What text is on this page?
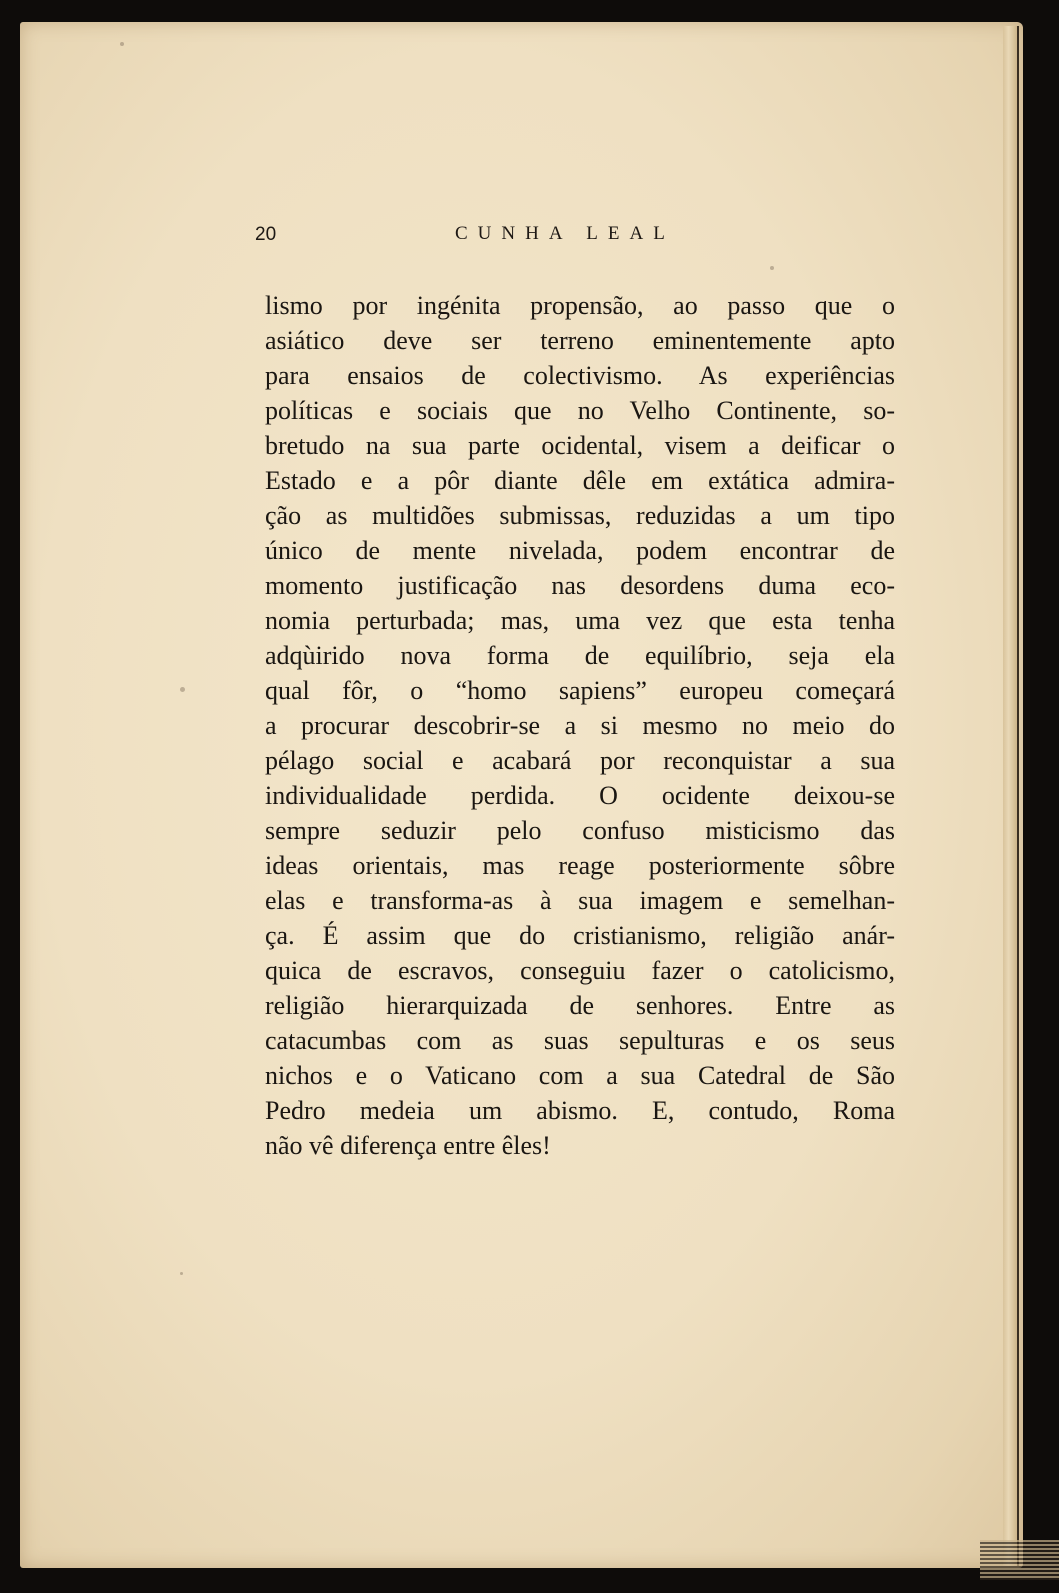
20	CUNHA LEAL
lismo por ingénita propensão, ao passo que o
asiático deve ser terreno eminentemente apto
para ensaios de colectivismo. As experiências
políticas e sociais que no Velho Continente, so-
bretudo na sua parte ocidental, visem a deificar o
Estado e a pôr diante dêle em extática admira-
ção as multidões submissas, reduzidas a um tipo
único de mente nivelada, podem encontrar de
momento justificação nas desordens duma eco-
nomia perturbada; mas, uma vez que esta tenha
adqùirido nova forma de equilíbrio, seja ela
qual fôr, o “homo sapiens” europeu começará
a procurar descobrir-se a si mesmo no meio do
pélago social e acabará por reconquistar a sua
individualidade perdida. O ocidente deixou-se
sempre seduzir pelo confuso misticismo das
ideas orientais, mas reage posteriormente sôbre
elas e transforma-as à sua imagem e semelhan-
ça. É assim que do cristianismo, religião anár-
quica de escravos, conseguiu fazer o catolicismo,
religião hierarquizada de senhores. Entre as
catacumbas com as suas sepulturas e os seus
nichos e o Vaticano com a sua Catedral de São
Pedro medeia um abismo. E, contudo, Roma
não vê diferença entre êles!
